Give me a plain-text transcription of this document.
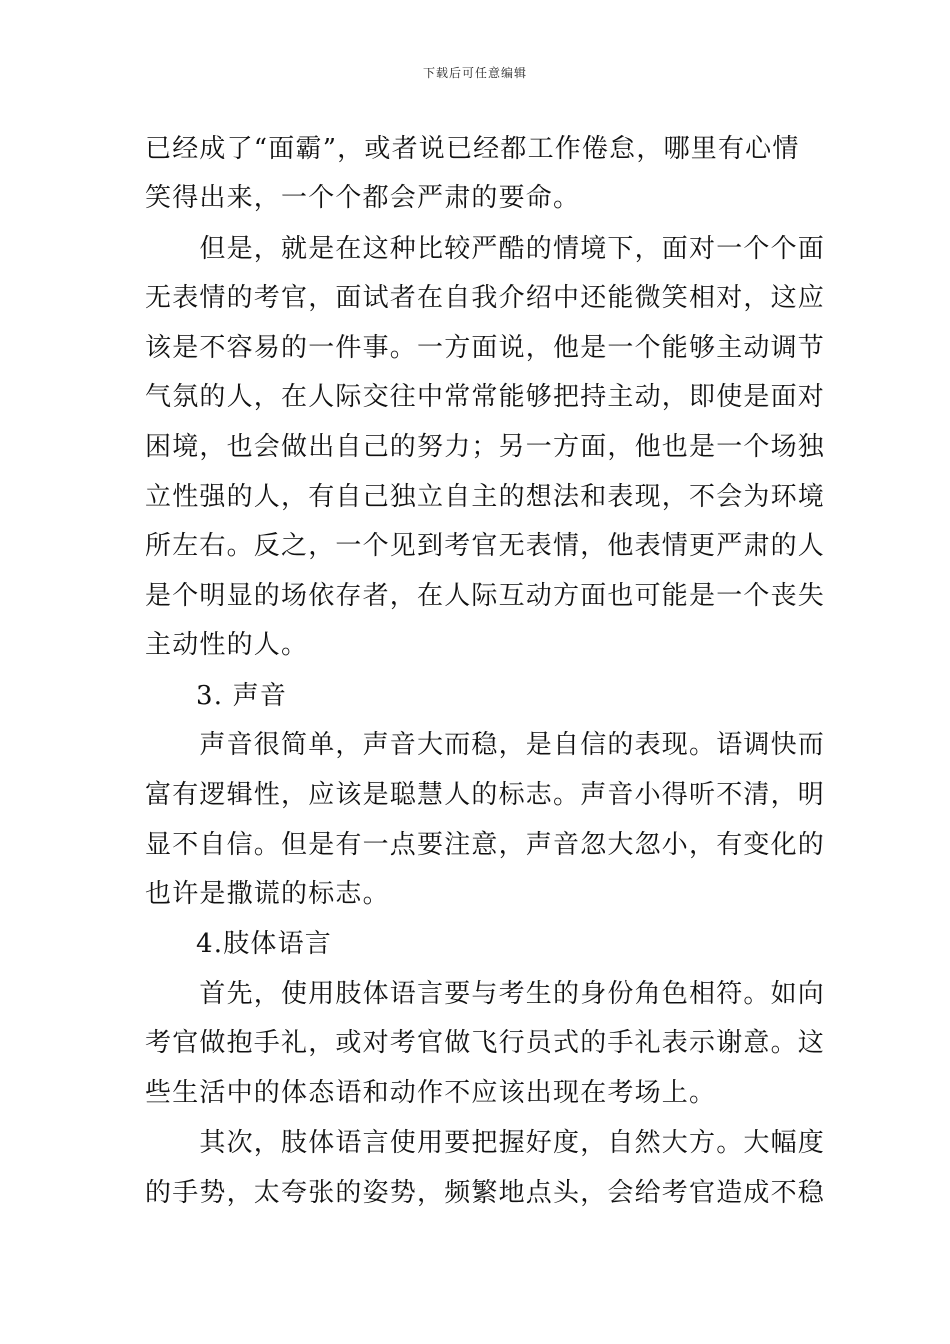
下载后可任意编辑
已经成了“面霸”，或者说已经都工作倦怠，哪里有心情
笑得出来，一个个都会严肃的要命。
　　但是，就是在这种比较严酷的情境下，面对一个个面
无表情的考官，面试者在自我介绍中还能微笑相对，这应
该是不容易的一件事。一方面说，他是一个能够主动调节
气氛的人，在人际交往中常常能够把持主动，即使是面对
困境，也会做出自己的努力；另一方面，他也是一个场独
立性强的人，有自己独立自主的想法和表现，不会为环境
所左右。反之，一个见到考官无表情，他表情更严肃的人
是个明显的场依存者，在人际互动方面也可能是一个丧失
主动性的人。
3. 声音
　　声音很简单，声音大而稳，是自信的表现。语调快而
富有逻辑性，应该是聪慧人的标志。声音小得听不清，明
显不自信。但是有一点要注意，声音忽大忽小，有变化的
也许是撒谎的标志。
4.肢体语言
　　首先，使用肢体语言要与考生的身份角色相符。如向
考官做抱手礼，或对考官做飞行员式的手礼表示谢意。这
些生活中的体态语和动作不应该出现在考场上。
　　其次，肢体语言使用要把握好度，自然大方。大幅度
的手势，太夸张的姿势，频繁地点头，会给考官造成不稳
